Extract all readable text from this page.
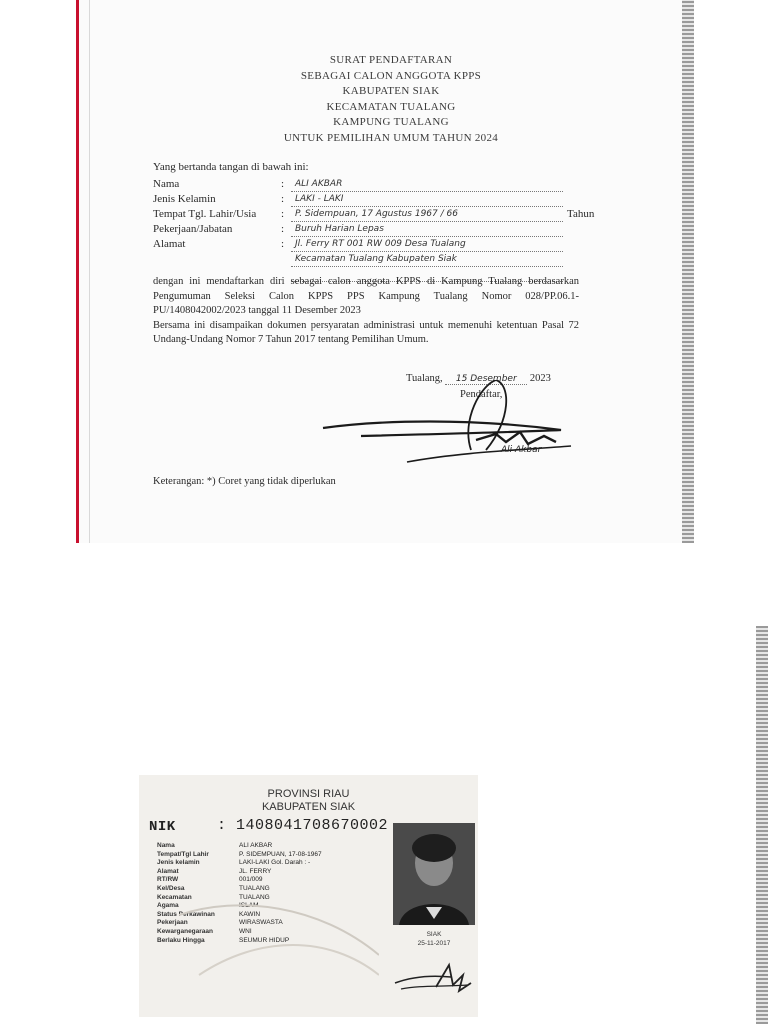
SURAT PENDAFTARAN
SEBAGAI CALON ANGGOTA KPPS
KABUPATEN SIAK
KECAMATAN TUALANG
KAMPUNG TUALANG
UNTUK PEMILIHAN UMUM TAHUN 2024
Yang bertanda tangan di bawah ini:
Nama	:	ALI AKBAR
Jenis Kelamin	:	LAKI - LAKI
Tempat Tgl. Lahir/Usia	:	P. Sidempuan, 17 Agustus 1967 / 66	Tahun
Pekerjaan/Jabatan	:	Buruh Harian Lepas
Alamat	:	Jl. Ferry RT 001 RW 009 Desa Tualang
Kecamatan Tualang Kabupaten Siak
dengan ini mendaftarkan diri sebagai calon anggota KPPS di Kampung Tualang berdasarkan Pengumuman Seleksi Calon KPPS PPS Kampung Tualang Nomor 028/PP.06.1-PU/1408042002/2023 tanggal 11 Desember 2023
Bersama ini disampaikan dokumen persyaratan administrasi untuk memenuhi ketentuan Pasal 72 Undang-Undang Nomor 7 Tahun 2017 tentang Pemilihan Umum.
Tualang, 15 Desember 2023
Pendaftar,
Ali Akbar
Keterangan: *) Coret yang tidak diperlukan
PROVINSI RIAU
KABUPATEN SIAK
NIK	: 1408041708670002
Nama	ALI AKBAR
Tempat/Tgl Lahir	P. SIDEMPUAN, 17-08-1967
Jenis kelamin	LAKI-LAKI Gol. Darah : -
Alamat	JL. FERRY
RT/RW	001/009
Kel/Desa	TUALANG
Kecamatan	TUALANG
Agama	ISLAM
Status Perkawinan	KAWIN
Pekerjaan	WIRASWASTA
Kewarganegaraan	WNI
Berlaku Hingga	SEUMUR HIDUP
SIAK
25-11-2017
